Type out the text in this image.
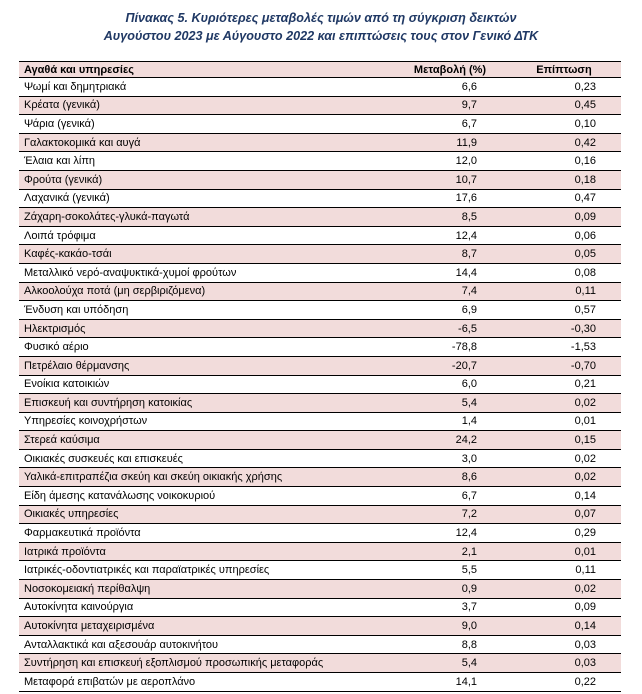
Πίνακας 5. Κυριότερες μεταβολές τιμών από τη σύγκριση δεικτών

Αυγούστου 2023 με Αύγουστο 2022 και επιπτώσεις τους στον Γενικό ΔΤΚ

Αγαθά και υπηρεσίες	Μεταβολή (%)	Επίπτωση
Ψωμί και δημητριακά	6,6	0,23
Κρέατα (γενικά)	9,7	0,45
Ψάρια (γενικά)	6,7	0,10
Γαλακτοκομικά και αυγά	11,9	0,42
Έλαια και λίπη	12,0	0,16
Φρούτα (γενικά)	10,7	0,18
Λαχανικά (γενικά)	17,6	0,47
Ζάχαρη-σοκολάτες-γλυκά-παγωτά	8,5	0,09
Λοιπά τρόφιμα	12,4	0,06
Καφές-κακάο-τσάι	8,7	0,05
Μεταλλικό νερό-αναψυκτικά-χυμοί φρούτων	14,4	0,08
Αλκοολούχα ποτά (μη σερβιριζόμενα)	7,4	0,11
Ένδυση και υπόδηση	6,9	0,57
Ηλεκτρισμός	-6,5	-0,30
Φυσικό αέριο	-78,8	-1,53
Πετρέλαιο θέρμανσης	-20,7	-0,70
Ενοίκια κατοικιών	6,0	0,21
Επισκευή και συντήρηση κατοικίας	5,4	0,02
Υπηρεσίες κοινοχρήστων	1,4	0,01
Στερεά καύσιμα	24,2	0,15
Οικιακές συσκευές και επισκευές	3,0	0,02
Υαλικά-επιτραπέζια σκεύη και σκεύη οικιακής χρήσης	8,6	0,02
Είδη άμεσης κατανάλωσης νοικοκυριού	6,7	0,14
Οικιακές υπηρεσίες	7,2	0,07
Φαρμακευτικά προϊόντα	12,4	0,29
Ιατρικά προϊόντα	2,1	0,01
Ιατρικές-οδοντιατρικές και παραϊατρικές υπηρεσίες	5,5	0,11
Νοσοκομειακή περίθαλψη	0,9	0,02
Αυτοκίνητα καινούργια	3,7	0,09
Αυτοκίνητα μεταχειρισμένα	9,0	0,14
Ανταλλακτικά και αξεσουάρ αυτοκινήτου	8,8	0,03
Συντήρηση και επισκευή εξοπλισμού προσωπικής μεταφοράς	5,4	0,03
Μεταφορά επιβατών με αεροπλάνο	14,1	0,22
